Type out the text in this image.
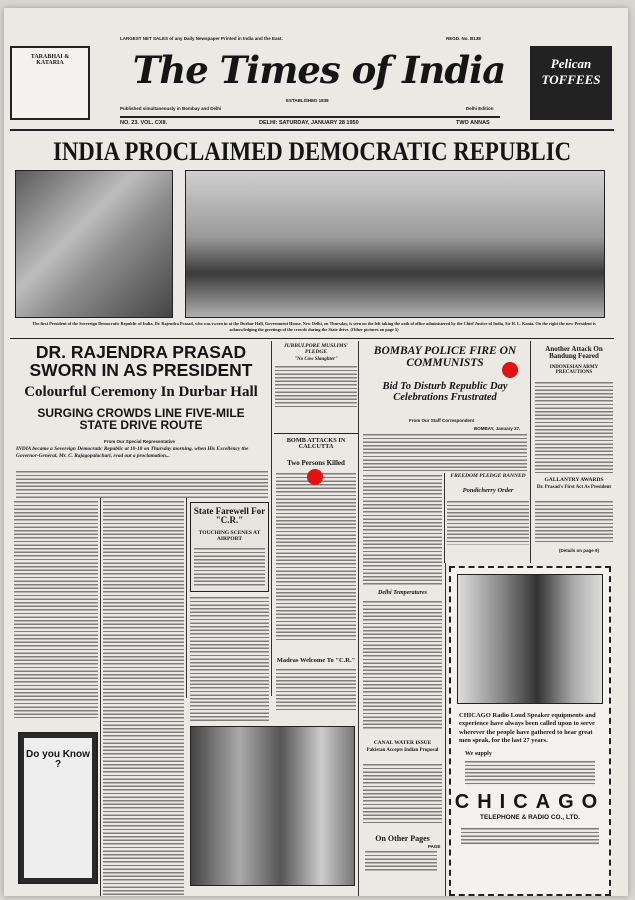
LARGEST NET SALES of any Daily Newspaper Printed in India and the East.	REGD. No. B138
TARABHAI & KATARIA	Pelican TOFFEES
The Times of India
ESTABLISHED 1838
Published simultaneously in Bombay and Delhi	Delhi Edition
NO. 23. VOL. CXII.	DELHI: SATURDAY, JANUARY 28 1950	TWO ANNAS
INDIA PROCLAIMED DEMOCRATIC REPUBLIC
The first President of the Sovereign Democratic Republic of India, Dr. Rajendra Prasad, who was sworn in at the Durbar Hall, Government House, New Delhi, on Thursday, is seen on the left taking the oath of office administered by the Chief Justice of India, Sir H. L. Kania. On the right the new President is acknowledging the greetings of the crowds during the State drive. (Other pictures on page 5)
DR. RAJENDRA PRASAD SWORN IN AS PRESIDENT
Colourful Ceremony In Durbar Hall
SURGING CROWDS LINE FIVE-MILE STATE DRIVE ROUTE
From Our Special Representative
INDIA became a Sovereign Democratic Republic at 10-18 on Thursday morning, when His Excellency the Governor-General, Mr. C. Rajagopalachari, read out a proclamation...
State Farewell For "C.R."
TOUCHING SCENES AT AIRPORT
Do you Know ?
JUBBULPORE MUSLIMS' PLEDGE
"No Cow Slaughter"
BOMB ATTACKS IN CALCUTTA
Two Persons Killed
Madras Welcome To "C.R."
BOMBAY POLICE FIRE ON COMMUNISTS
Bid To Disturb Republic Day Celebrations Frustrated
From Our Staff Correspondent
BOMBAY, January 27.
FREEDOM PLEDGE BANNED
Pondicherry Order
Delhi Temperatures
CANAL WATER ISSUE
Pakistan Accepts Indian Proposal
On Other Pages
PAGE
Another Attack On Bandung Feared
INDONESIAN ARMY PRECAUTIONS
GALLANTRY AWARDS
Dr. Prasad's First Act As President
(Details on page 9)
CHICAGO Radio Loud Speaker equipments and experience have always been called upon to serve wherever the people have gathered to hear great men speak, for the last 27 years.
We supply
CHICAGO
TELEPHONE & RADIO CO., LTD.
